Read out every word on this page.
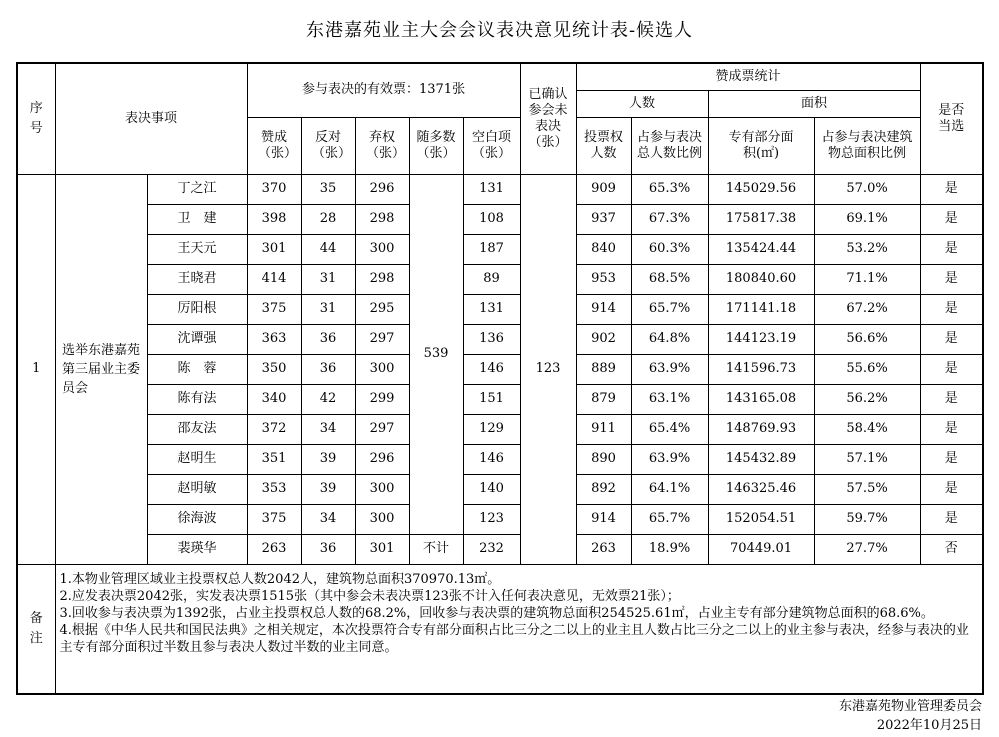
东港嘉苑业主大会会议表决意见统计表-候选人
序号	表决事项		参与表决的有效票：1371张					已确认参会未表决（张）	赞成票统计				是否当选
									人数		面积		
			赞成（张）	反对（张）	弃权（张）	随多数（张）	空白项（张）		投票权人数	占参与表决总人数比例	专有部分面积(㎡)	占参与表决建筑物总面积比例	
1	选举东港嘉苑第三届业主委员会	丁之江	370	35	296	539	131	123	909	65.3%	145029.56	57.0%	是
		卫　建	398	28	298		108		937	67.3%	175817.38	69.1%	是
		王天元	301	44	300		187		840	60.3%	135424.44	53.2%	是
		王晓君	414	31	298		89		953	68.5%	180840.60	71.1%	是
		厉阳根	375	31	295		131		914	65.7%	171141.18	67.2%	是
		沈谭强	363	36	297		136		902	64.8%	144123.19	56.6%	是
		陈　蓉	350	36	300		146		889	63.9%	141596.73	55.6%	是
		陈有法	340	42	299		151		879	63.1%	143165.08	56.2%	是
		邵友法	372	34	297		129		911	65.4%	148769.93	58.4%	是
		赵明生	351	39	296		146		890	63.9%	145432.89	57.1%	是
		赵明敏	353	39	300		140		892	64.1%	146325.46	57.5%	是
		徐海波	375	34	300		123		914	65.7%	152054.51	59.7%	是
		裴瑛华	263	36	301	不计	232		263	18.9%	70449.01	27.7%	否
备注	1.本物业管理区域业主投票权总人数2042人，建筑物总面积370970.13㎡。
2.应发表决票2042张，实发表决票1515张（其中参会未表决票123张不计入任何表决意见，无效票21张）；
3.回收参与表决票为1392张，占业主投票权总人数的68.2%，回收参与表决票的建筑物总面积254525.61㎡，占业主专有部分建筑物总面积的68.6%。
4.根据《中华人民共和国民法典》之相关规定，本次投票符合专有部分面积占比三分之二以上的业主且人数占比三分之二以上的业主参与表决，经参与表决的业主专有部分面积过半数且参与表决人数过半数的业主同意。												
东港嘉苑物业管理委员会
2022年10月25日
